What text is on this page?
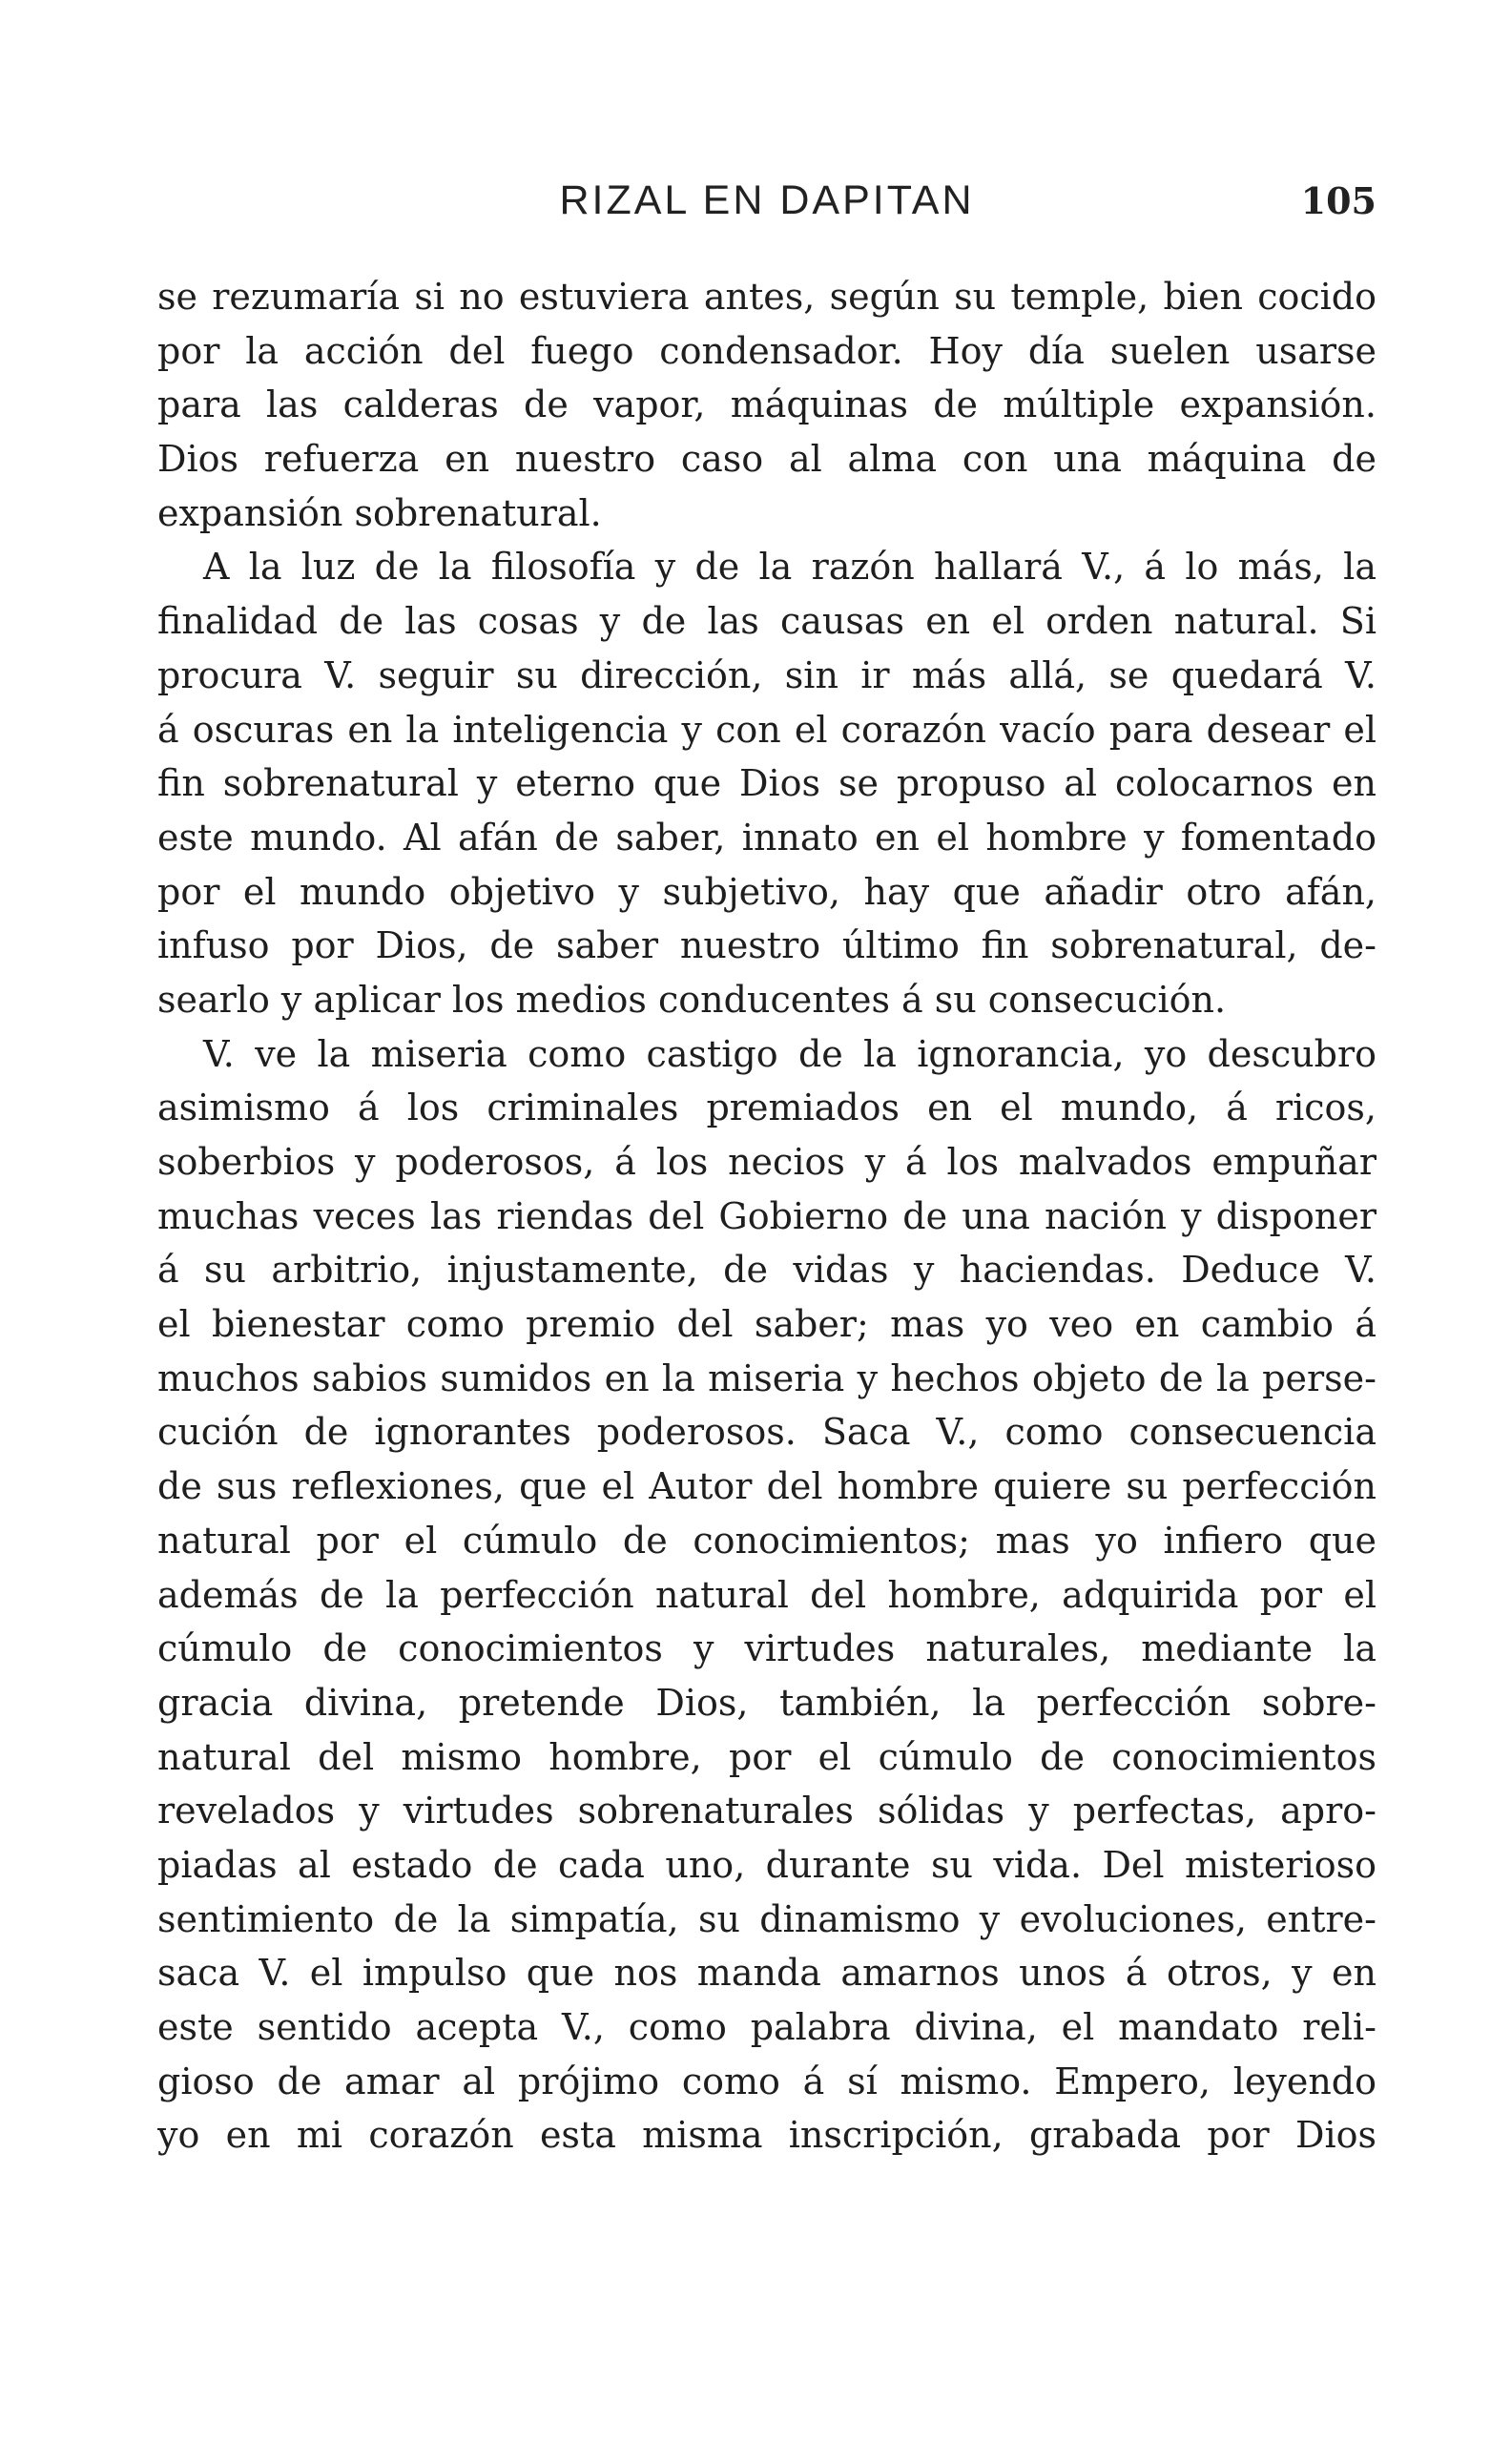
RIZAL EN DAPITAN	105
se rezumaría si no estuviera antes, según su temple, bien cocido
por la acción del fuego condensador. Hoy día suelen usarse
para las calderas de vapor, máquinas de múltiple expansión.
Dios refuerza en nuestro caso al alma con una máquina de
expansión sobrenatural.
A la luz de la filosofía y de la razón hallará V., á lo más, la
finalidad de las cosas y de las causas en el orden natural. Si
procura V. seguir su dirección, sin ir más allá, se quedará V.
á oscuras en la inteligencia y con el corazón vacío para desear el
fin sobrenatural y eterno que Dios se propuso al colocarnos en
este mundo. Al afán de saber, innato en el hombre y fomentado
por el mundo objetivo y subjetivo, hay que añadir otro afán,
infuso por Dios, de saber nuestro último fin sobrenatural, de-
searlo y aplicar los medios conducentes á su consecución.
V. ve la miseria como castigo de la ignorancia, yo descubro
asimismo á los criminales premiados en el mundo, á ricos,
soberbios y poderosos, á los necios y á los malvados empuñar
muchas veces las riendas del Gobierno de una nación y disponer
á su arbitrio, injustamente, de vidas y haciendas. Deduce V.
el bienestar como premio del saber; mas yo veo en cambio á
muchos sabios sumidos en la miseria y hechos objeto de la perse-
cución de ignorantes poderosos. Saca V., como consecuencia
de sus reflexiones, que el Autor del hombre quiere su perfección
natural por el cúmulo de conocimientos; mas yo infiero que
además de la perfección natural del hombre, adquirida por el
cúmulo de conocimientos y virtudes naturales, mediante la
gracia divina, pretende Dios, también, la perfección sobre-
natural del mismo hombre, por el cúmulo de conocimientos
revelados y virtudes sobrenaturales sólidas y perfectas, apro-
piadas al estado de cada uno, durante su vida. Del misterioso
sentimiento de la simpatía, su dinamismo y evoluciones, entre-
saca V. el impulso que nos manda amarnos unos á otros, y en
este sentido acepta V., como palabra divina, el mandato reli-
gioso de amar al prójimo como á sí mismo. Empero, leyendo
yo en mi corazón esta misma inscripción, grabada por Dios
